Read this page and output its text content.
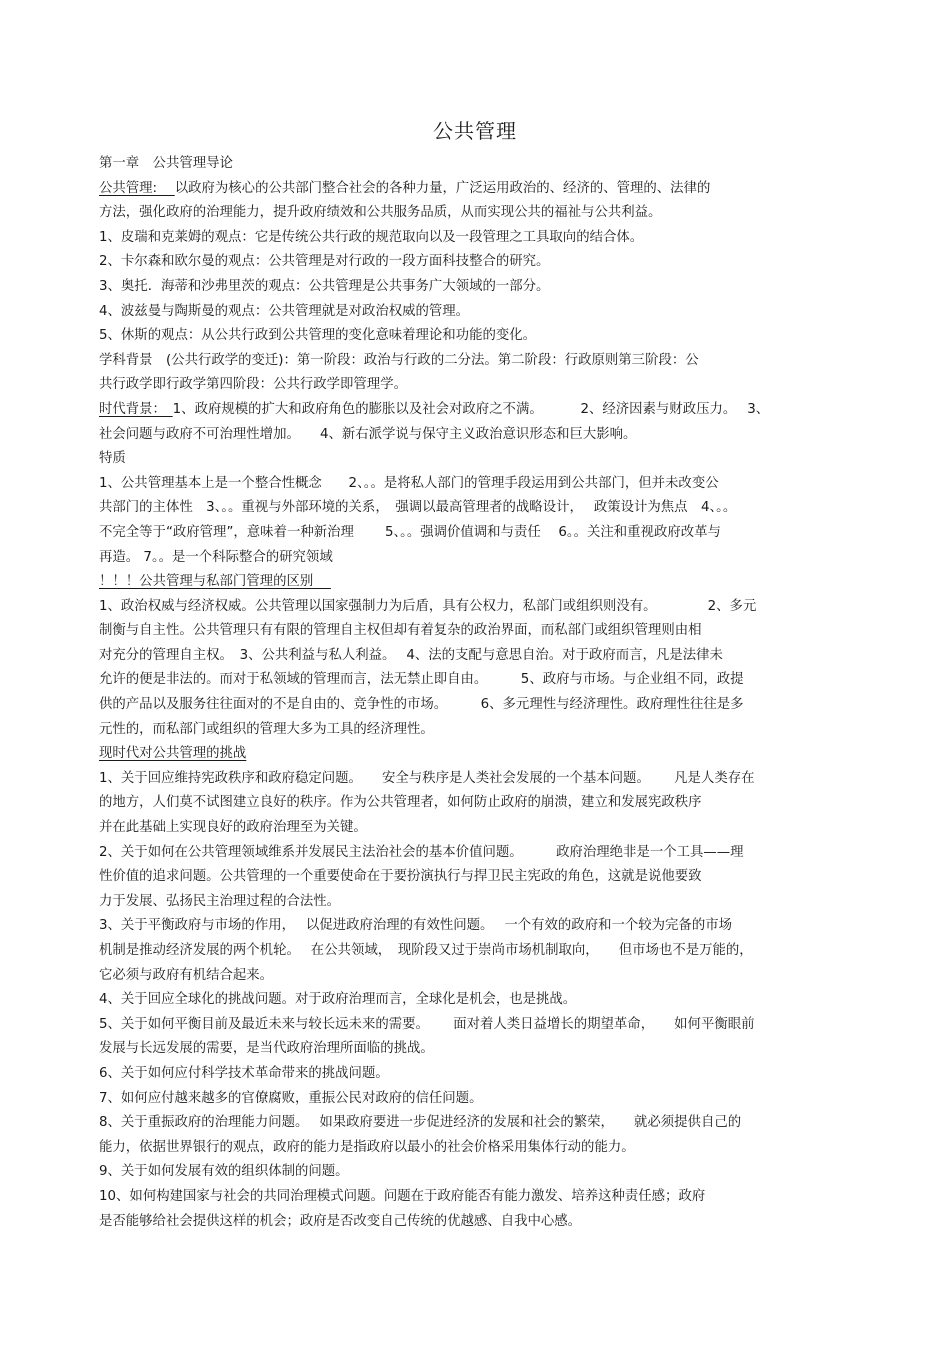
公共管理
第一章　公共管理导论
公共管理:　 以政府为核心的公共部门整合社会的各种力量，广泛运用政治的、经济的、管理的、法律的
方法，强化政府的治理能力，提升政府绩效和公共服务品质，从而实现公共的福祉与公共利益。
1、皮瑞和克莱姆的观点：它是传统公共行政的规范取向以及一段管理之工具取向的结合体。
2、卡尔森和欧尔曼的观点：公共管理是对行政的一段方面科技整合的研究。
3、奥托．海蒂和沙弗里茨的观点：公共管理是公共事务广大领域的一部分。
4、波兹曼与陶斯曼的观点：公共管理就是对政治权威的管理。
5、休斯的观点：从公共行政到公共管理的变化意味着理论和功能的变化。
学科背景　(公共行政学的变迁)：第一阶段：政治与行政的二分法。第二阶段：行政原则第三阶段：公
共行政学即行政学第四阶段：公共行政学即管理学。
时代背景：　1、政府规模的扩大和政府角色的膨胀以及社会对政府之不满。　　　 2、经济因素与财政压力。　 3、
社会问题与政府不可治理性增加。　　4、新右派学说与保守主义政治意识形态和巨大影响。
特质
1、公共管理基本上是一个整合性概念　　2、。。是将私人部门的管理手段运用到公共部门，但并未改变公
共部门的主体性　3、。。重视与外部环境的关系，　强调以最高管理者的战略设计，　 政策设计为焦点　4、。。
不完全等于“政府管理”，意味着一种新治理　　 5、。。强调价值调和与责任　 6。。关注和重视政府改革与
再造。 7。。是一个科际整合的研究领域
！！！公共管理与私部门管理的区别　
1、政治权威与经济权威。公共管理以国家强制力为后盾，具有公权力，私部门或组织则没有。　　　　 2、多元
制衡与自主性。公共管理只有有限的管理自主权但却有着复杂的政治界面，而私部门或组织管理则由相
对充分的管理自主权。　3、公共利益与私人利益。　 4、法的支配与意思自治。对于政府而言，凡是法律未
允许的便是非法的。而对于私领域的管理而言，法无禁止即自由。　　　5、政府与市场。与企业组不同，政提
供的产品以及服务往往面对的不是自由的、竞争性的市场。　　　6、多元理性与经济理性。政府理性往往是多
元性的，而私部门或组织的管理大多为工具的经济理性。
现时代对公共管理的挑战
1、关于回应维持宪政秩序和政府稳定问题。　　安全与秩序是人类社会发展的一个基本问题。　　 凡是人类存在
的地方，人们莫不试图建立良好的秩序。作为公共管理者，如何防止政府的崩溃，建立和发展宪政秩序
并在此基础上实现良好的政府治理至为关键。
2、关于如何在公共管理领域维系并发展民主法治社会的基本价值问题。　　　政府治理绝非是一个工具——理
性价值的追求问题。公共管理的一个重要使命在于要扮演执行与捍卫民主宪政的角色，这就是说他要致
力于发展、弘扬民主治理过程的合法性。
3、关于平衡政府与市场的作用，　 以促进政府治理的有效性问题。　 一个有效的政府和一个较为完备的市场
机制是推动经济发展的两个机轮。　 在公共领域，　现阶段又过于崇尚市场机制取向，　　但市场也不是万能的，
它必须与政府有机结合起来。
4、关于回应全球化的挑战问题。对于政府治理而言，全球化是机会，也是挑战。
5、关于如何平衡目前及最近未来与较长远未来的需要。　　 面对着人类日益增长的期望革命，　　如何平衡眼前
发展与长远发展的需要，是当代政府治理所面临的挑战。
6、关于如何应付科学技术革命带来的挑战问题。
7、如何应付越来越多的官僚腐败，重振公民对政府的信任问题。
8、关于重振政府的治理能力问题。　 如果政府要进一步促进经济的发展和社会的繁荣，　　就必须提供自己的
能力，依据世界银行的观点，政府的能力是指政府以最小的社会价格采用集体行动的能力。
9、关于如何发展有效的组织体制的问题。
10、如何构建国家与社会的共同治理模式问题。问题在于政府能否有能力激发、培养这种责任感；政府
是否能够给社会提供这样的机会；政府是否改变自己传统的优越感、自我中心感。
